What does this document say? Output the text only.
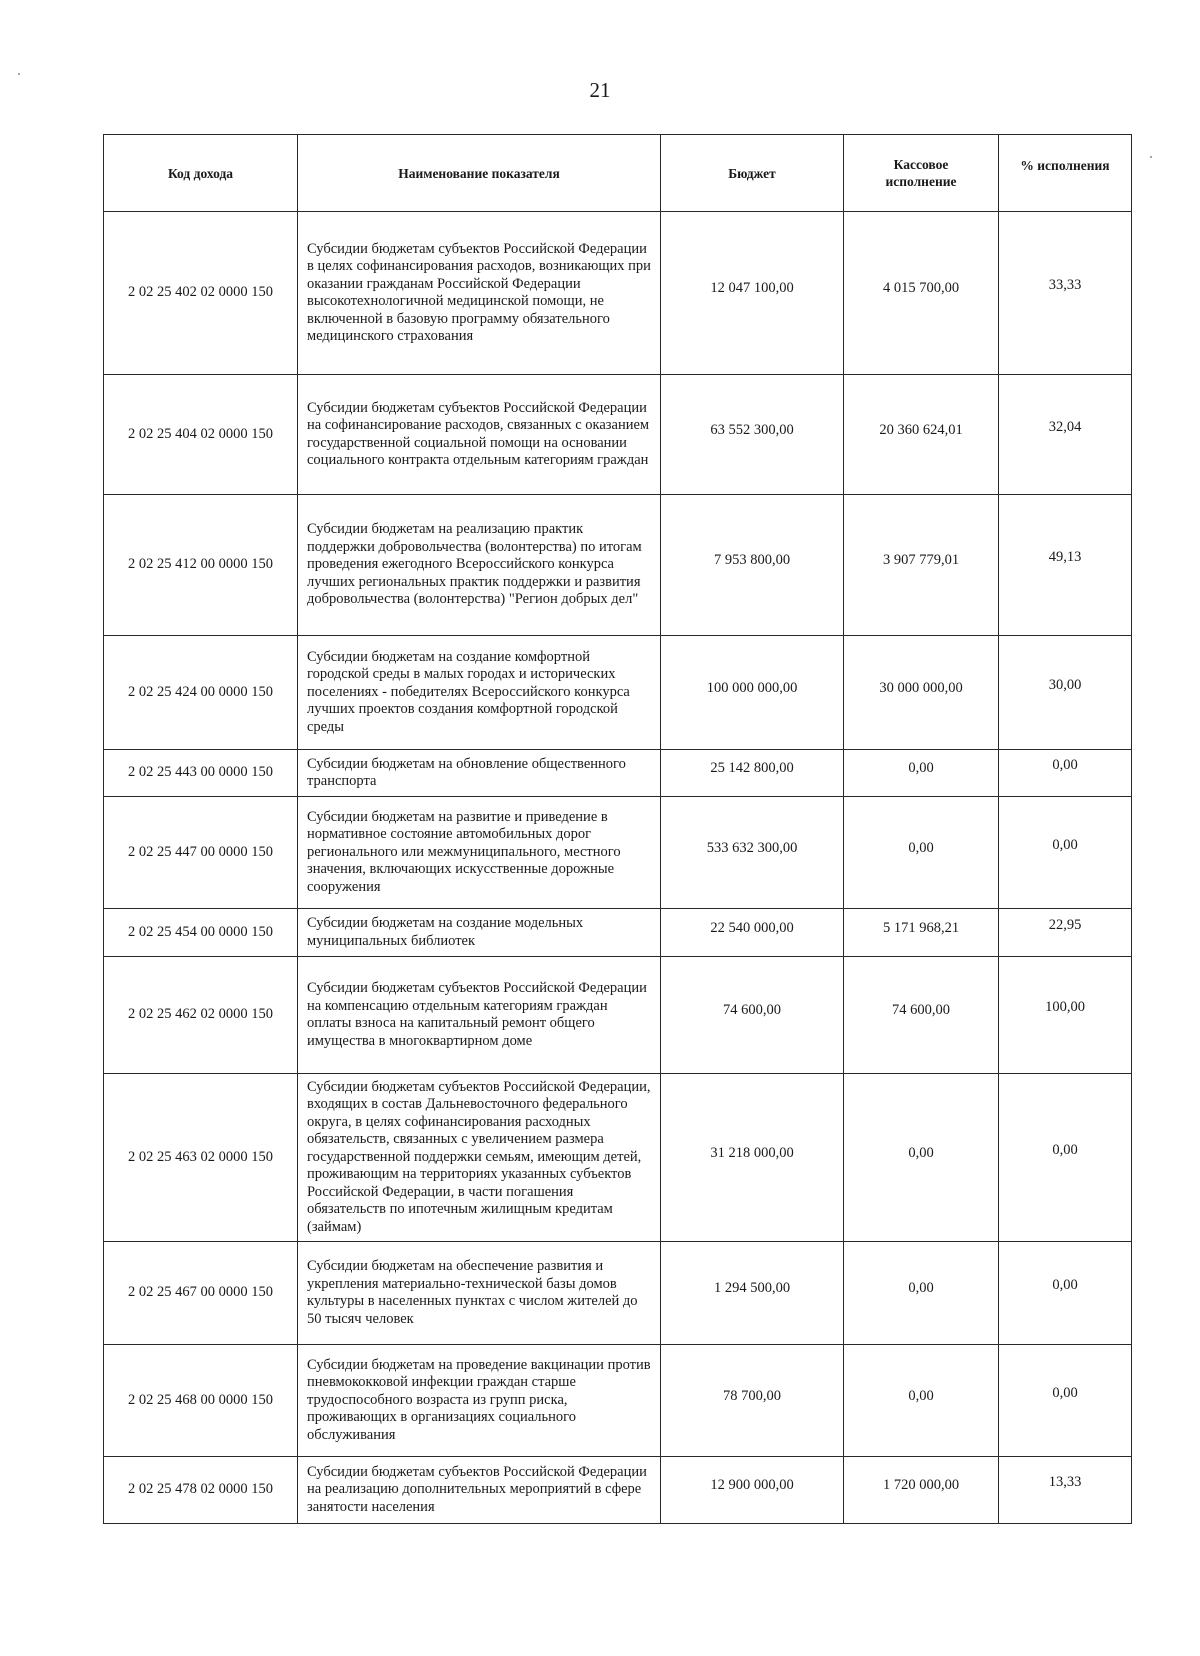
21
Код дохода	Наименование показателя	Бюджет	Кассовое исполнение	% исполнения
2 02 25 402 02 0000 150	Субсидии бюджетам субъектов Российской Федерации в целях софинансирования расходов, возникающих при оказании гражданам Российской Федерации высокотехнологичной медицинской помощи, не включенной в базовую программу обязательного медицинского страхования	12 047 100,00	4 015 700,00	33,33
2 02 25 404 02 0000 150	Субсидии бюджетам субъектов Российской Федерации на софинансирование расходов, связанных с оказанием государственной социальной помощи на основании социального контракта отдельным категориям граждан	63 552 300,00	20 360 624,01	32,04
2 02 25 412 00 0000 150	Субсидии бюджетам на реализацию практик поддержки добровольчества (волонтерства) по итогам проведения ежегодного Всероссийского конкурса лучших региональных практик поддержки и развития добровольчества (волонтерства) "Регион добрых дел"	7 953 800,00	3 907 779,01	49,13
2 02 25 424 00 0000 150	Субсидии бюджетам на создание комфортной городской среды в малых городах и исторических поселениях - победителях Всероссийского конкурса лучших проектов создания комфортной городской среды	100 000 000,00	30 000 000,00	30,00
2 02 25 443 00 0000 150	Субсидии бюджетам на обновление общественного транспорта	25 142 800,00	0,00	0,00
2 02 25 447 00 0000 150	Субсидии бюджетам на развитие и приведение в нормативное состояние автомобильных дорог регионального или межмуниципального, местного значения, включающих искусственные дорожные сооружения	533 632 300,00	0,00	0,00
2 02 25 454 00 0000 150	Субсидии бюджетам на создание модельных муниципальных библиотек	22 540 000,00	5 171 968,21	22,95
2 02 25 462 02 0000 150	Субсидии бюджетам субъектов Российской Федерации на компенсацию отдельным категориям граждан оплаты взноса на капитальный ремонт общего имущества в многоквартирном доме	74 600,00	74 600,00	100,00
2 02 25 463 02 0000 150	Субсидии бюджетам субъектов Российской Федерации, входящих в состав Дальневосточного федерального округа, в целях софинансирования расходных обязательств, связанных с увеличением размера государственной поддержки семьям, имеющим детей, проживающим на территориях указанных субъектов Российской Федерации, в части погашения обязательств по ипотечным жилищным кредитам (займам)	31 218 000,00	0,00	0,00
2 02 25 467 00 0000 150	Субсидии бюджетам на обеспечение развития и укрепления материально-технической базы домов культуры в населенных пунктах с числом жителей до 50 тысяч человек	1 294 500,00	0,00	0,00
2 02 25 468 00 0000 150	Субсидии бюджетам на проведение вакцинации против пневмококковой инфекции граждан старше трудоспособного возраста из групп риска, проживающих в организациях социального обслуживания	78 700,00	0,00	0,00
2 02 25 478 02 0000 150	Субсидии бюджетам субъектов Российской Федерации на реализацию дополнительных мероприятий в сфере занятости населения	12 900 000,00	1 720 000,00	13,33
